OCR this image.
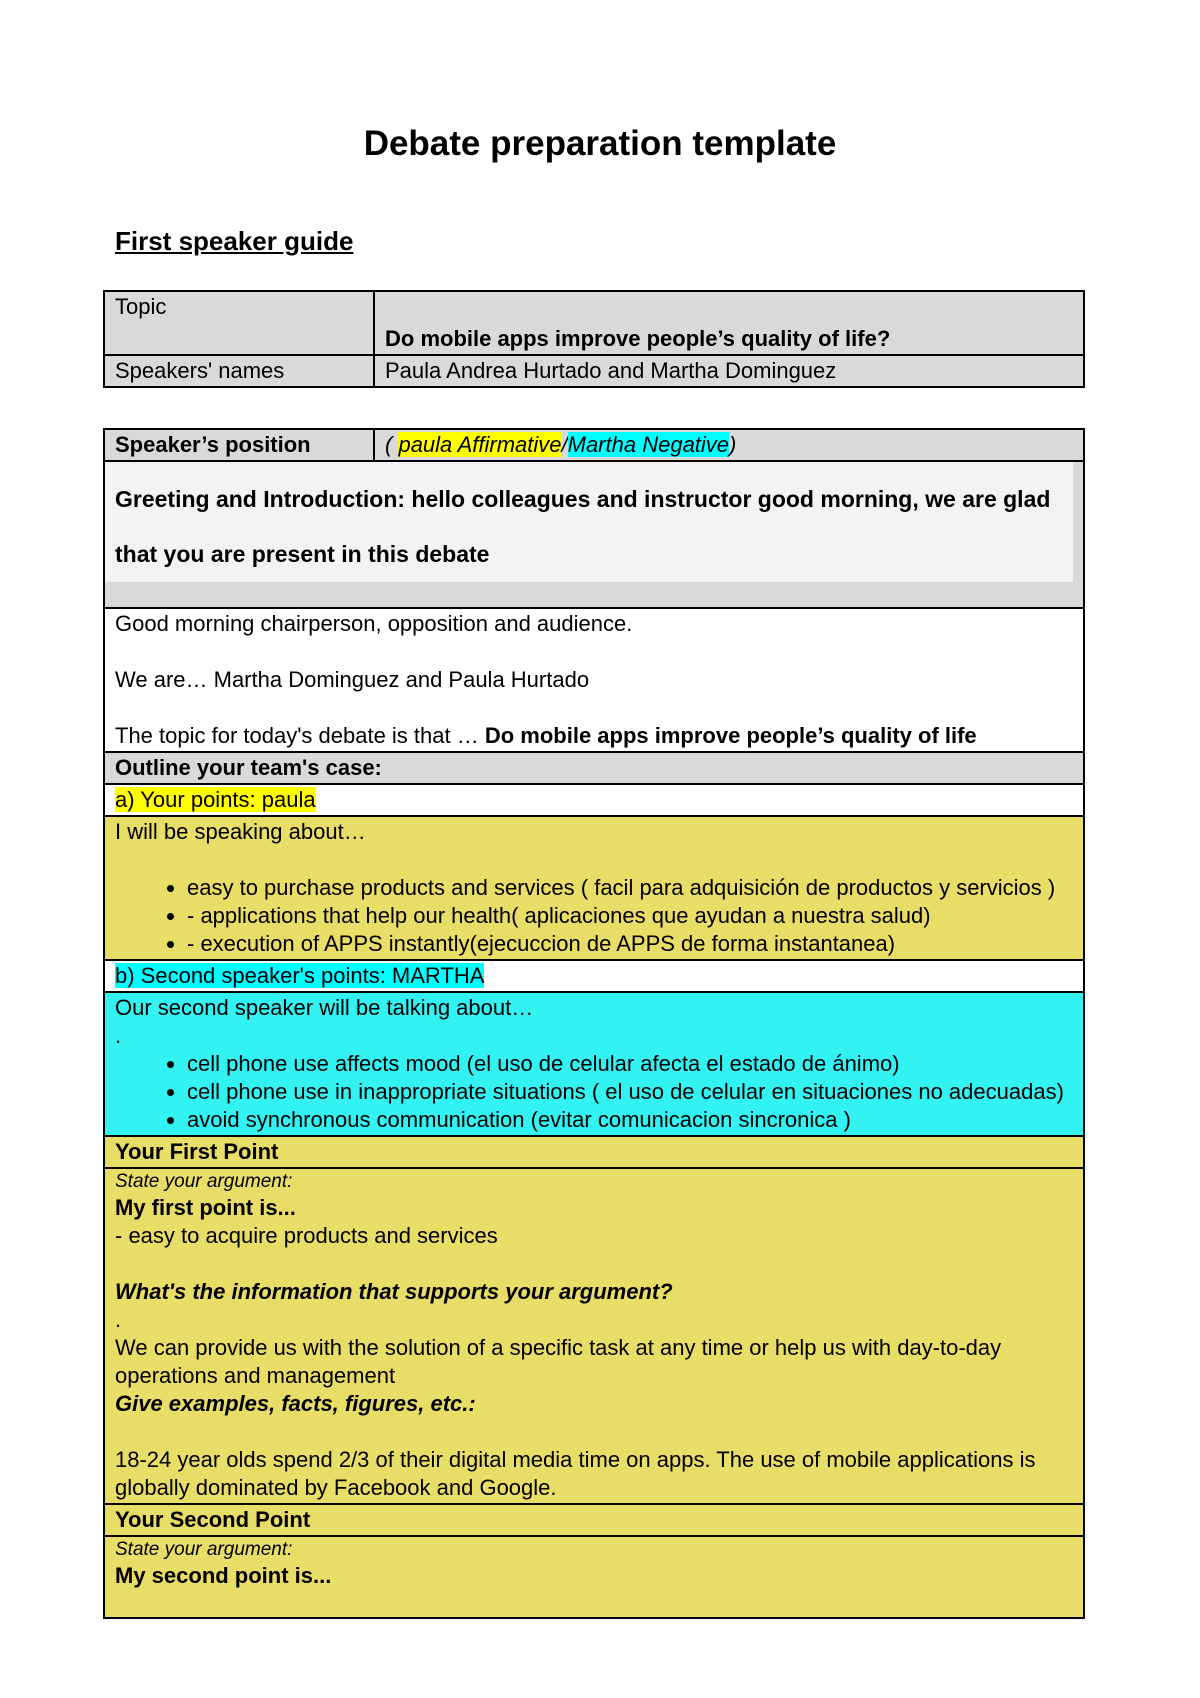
Debate preparation template
First speaker guide
Topic	Do mobile apps improve people’s quality of life?
Speakers' names	Paula Andrea Hurtado and Martha Dominguez
Speaker’s position	( paula Affirmative/Martha Negative)

Greeting and Introduction: hello colleagues and instructor good morning, we are glad that you are present in this debate

Good morning chairperson, opposition and audience.

We are… Martha Dominguez and Paula Hurtado

The topic for today's debate is that … Do mobile apps improve people’s quality of life

Outline your team's case:
a) Your points: paula

I will be speaking about…

• easy to purchase products and services ( facil para adquisición de productos y servicios )
• - applications that help our health( aplicaciones que ayudan a nuestra salud)
• - execution of APPS instantly(ejecuccion de APPS de forma instantanea)

b) Second speaker's points: MARTHA

Our second speaker will be talking about…

.

• cell phone use affects mood (el uso de celular afecta el estado de ánimo)
• cell phone use in inappropriate situations ( el uso de celular en situaciones no adecuadas)
• avoid synchronous communication (evitar comunicacion sincronica )

Your First Point

State your argument:

My first point is...

- easy to acquire products and services

What's the information that supports your argument?

.

We can provide us with the solution of a specific task at any time or help us with day-to-day operations and management

Give examples, facts, figures, etc.:

18-24 year olds spend 2/3 of their digital media time on apps. The use of mobile applications is globally dominated by Facebook and Google.

Your Second Point

State your argument:

My second point is...
